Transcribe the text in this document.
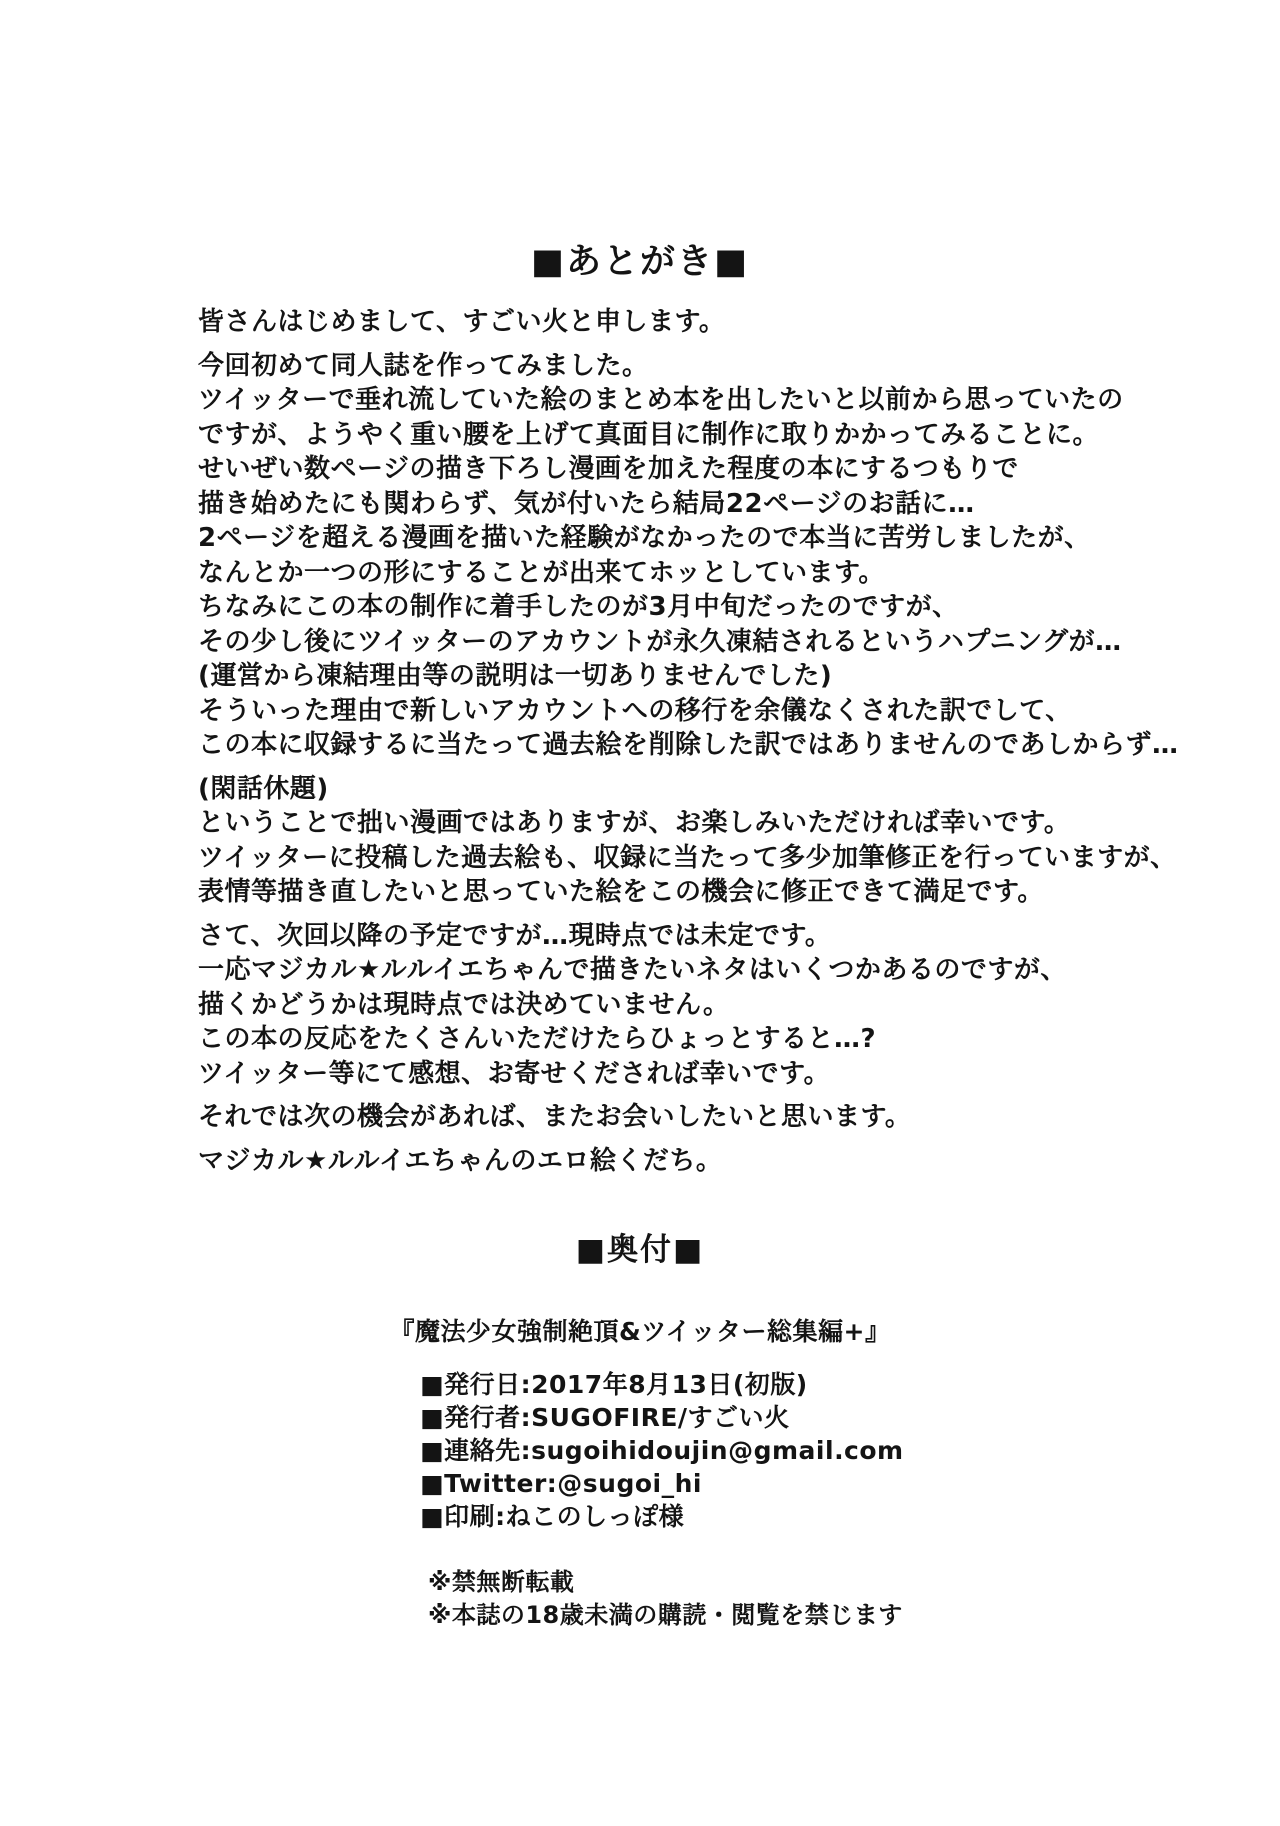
■あとがき■
皆さんはじめまして、すごい火と申します。
今回初めて同人誌を作ってみました。
ツイッターで垂れ流していた絵のまとめ本を出したいと以前から思っていたの
ですが、ようやく重い腰を上げて真面目に制作に取りかかってみることに。
せいぜい数ページの描き下ろし漫画を加えた程度の本にするつもりで
描き始めたにも関わらず、気が付いたら結局22ページのお話に…
2ページを超える漫画を描いた経験がなかったので本当に苦労しましたが、
なんとか一つの形にすることが出来てホッとしています。
ちなみにこの本の制作に着手したのが3月中旬だったのですが、
その少し後にツイッターのアカウントが永久凍結されるというハプニングが…
(運営から凍結理由等の説明は一切ありませんでした)
そういった理由で新しいアカウントへの移行を余儀なくされた訳でして、
この本に収録するに当たって過去絵を削除した訳ではありませんのであしからず…
(閑話休題)
ということで拙い漫画ではありますが、お楽しみいただければ幸いです。
ツイッターに投稿した過去絵も、収録に当たって多少加筆修正を行っていますが、
表情等描き直したいと思っていた絵をこの機会に修正できて満足です。
さて、次回以降の予定ですが…現時点では未定です。
一応マジカル★ルルイエちゃんで描きたいネタはいくつかあるのですが、
描くかどうかは現時点では決めていません。
この本の反応をたくさんいただけたらひょっとすると…?
ツイッター等にて感想、お寄せくだされば幸いです。
それでは次の機会があれば、またお会いしたいと思います。
マジカル★ルルイエちゃんのエロ絵くだち。
■奥付■
『魔法少女強制絶頂&ツイッター総集編+』
■発行日:2017年8月13日(初版)
■発行者:SUGOFIRE/すごい火
■連絡先:sugoihidoujin@gmail.com
■Twitter:@sugoi_hi
■印刷:ねこのしっぽ様
※禁無断転載
※本誌の18歳未満の購読・閲覧を禁じます
